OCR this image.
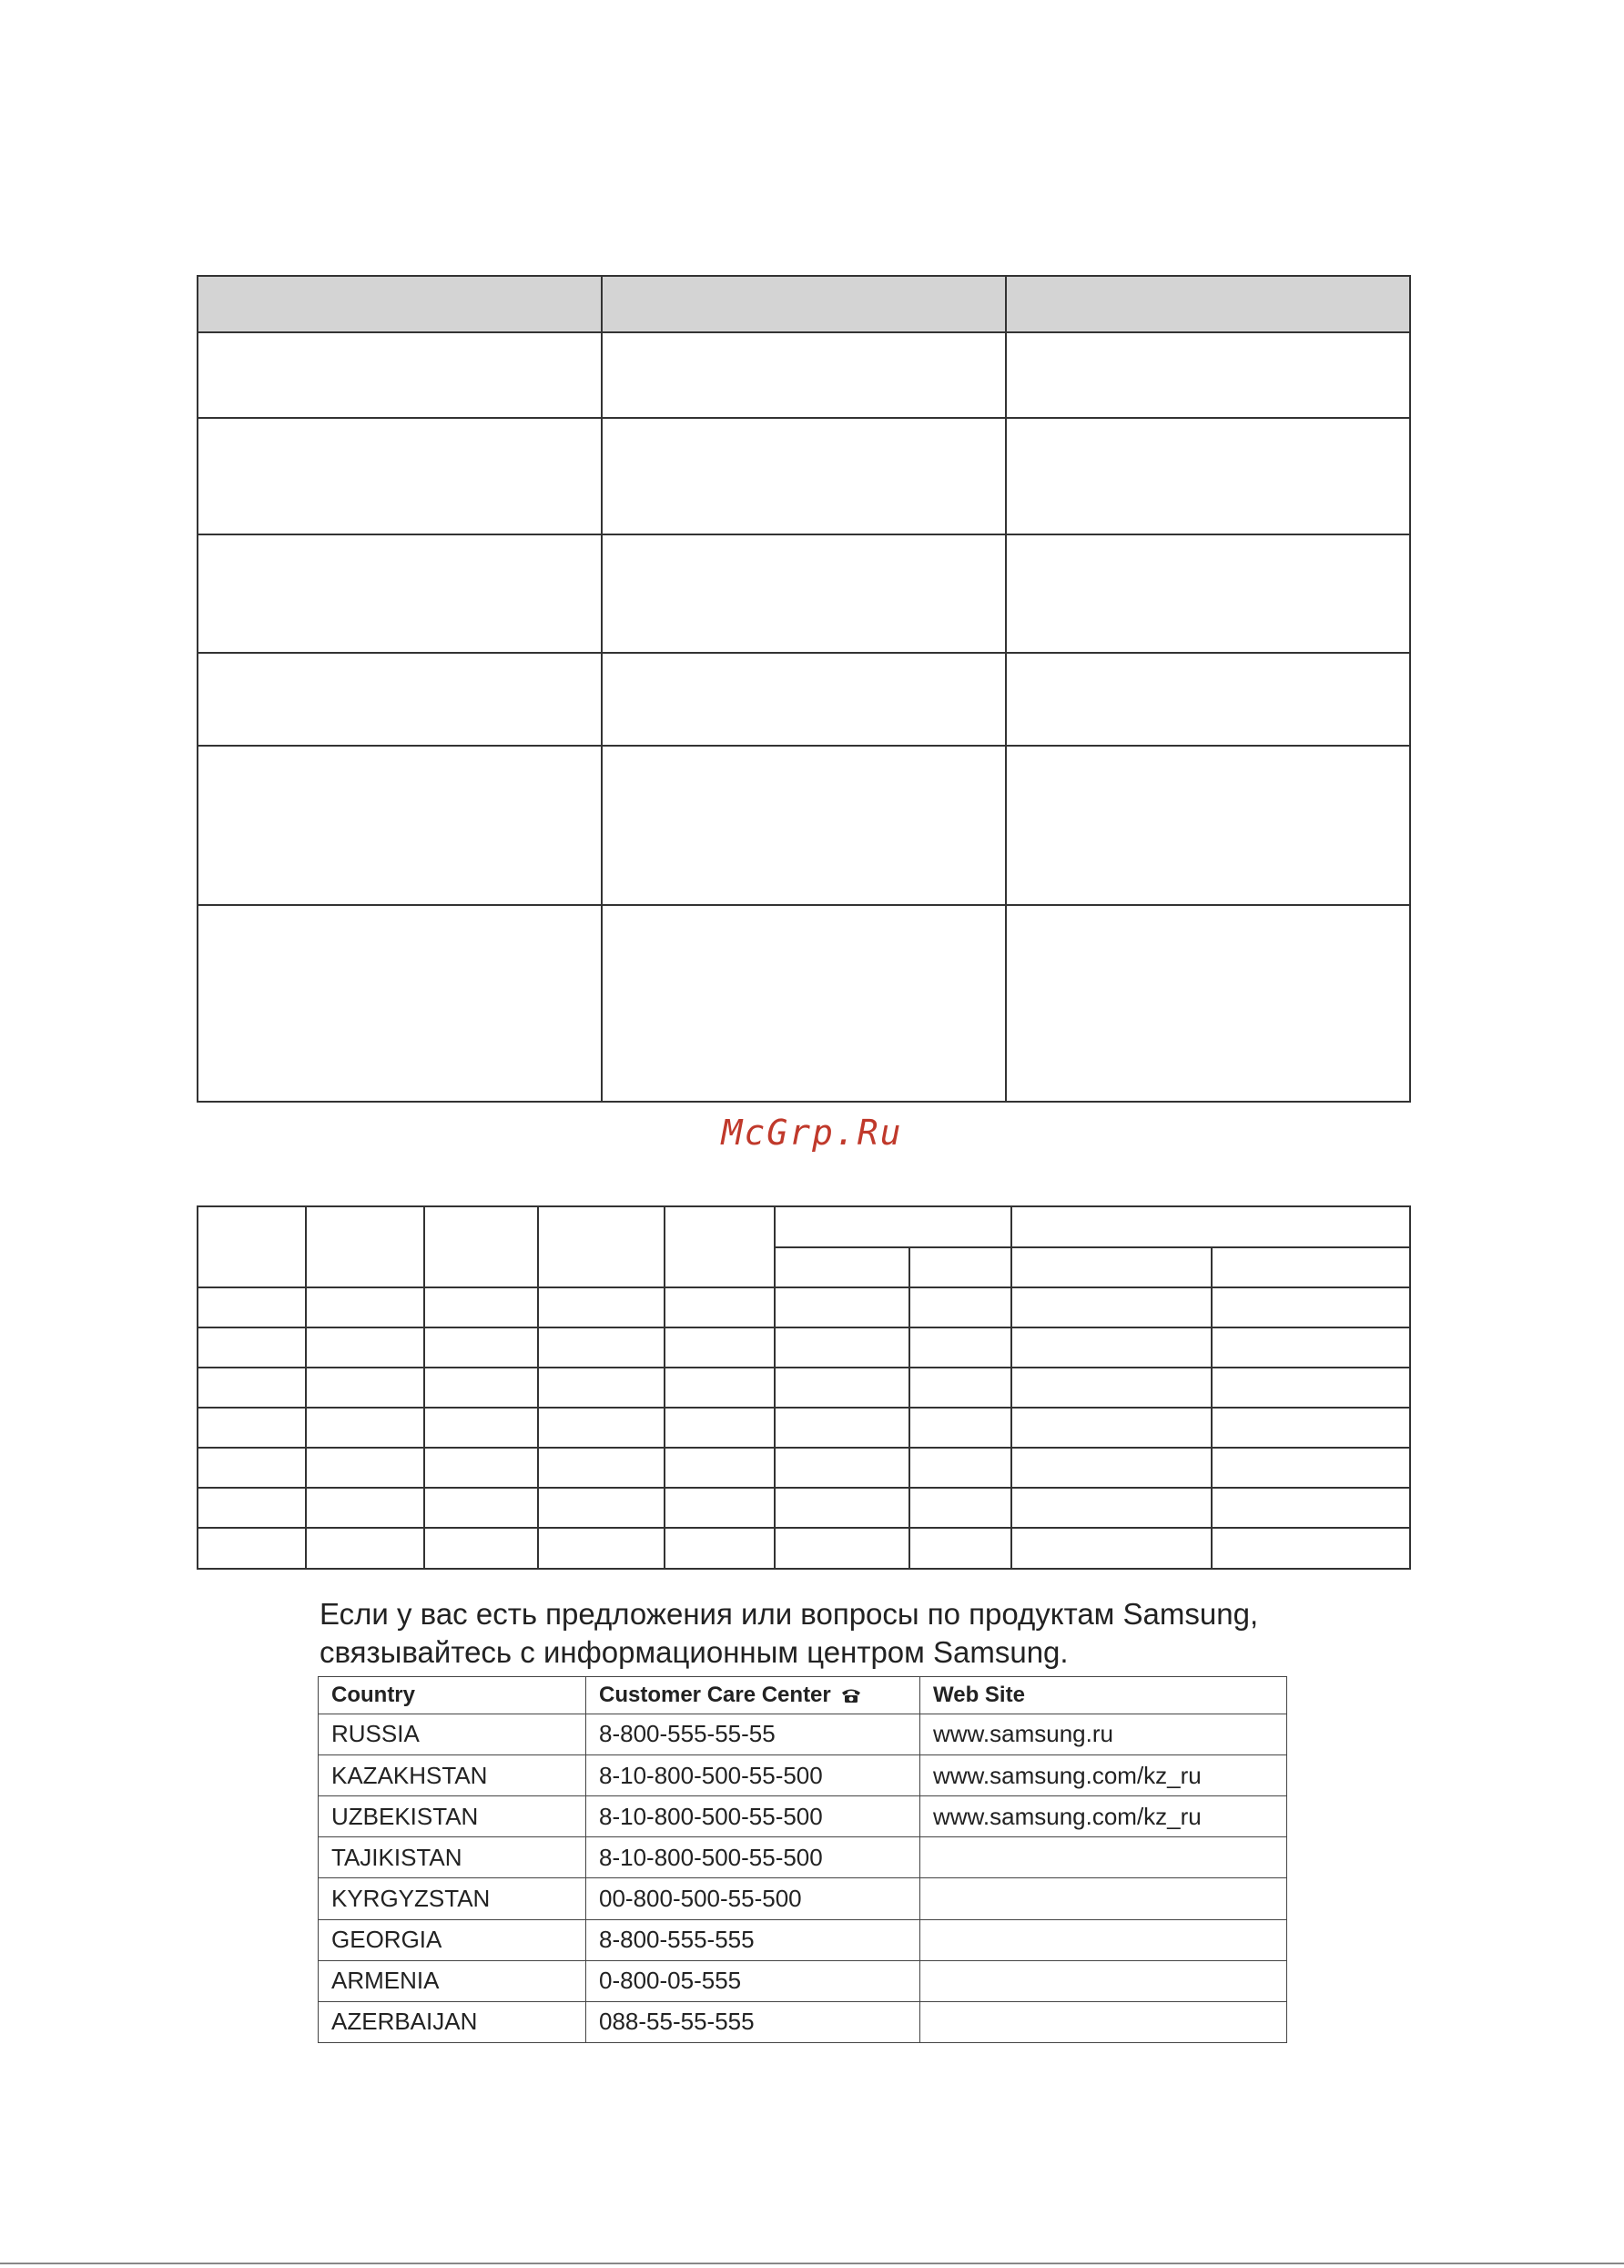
McGrp.Ru

Если у вас есть предложения или вопросы по продуктам Samsung,
связывайтесь с информационным центром Samsung.
Country	Customer Care Center	Web Site
RUSSIA	8-800-555-55-55	www.samsung.ru
KAZAKHSTAN	8-10-800-500-55-500	www.samsung.com/kz_ru
UZBEKISTAN	8-10-800-500-55-500	www.samsung.com/kz_ru
TAJIKISTAN	8-10-800-500-55-500	
KYRGYZSTAN	00-800-500-55-500	
GEORGIA	8-800-555-555	
ARMENIA	0-800-05-555	
AZERBAIJAN	088-55-55-555	
